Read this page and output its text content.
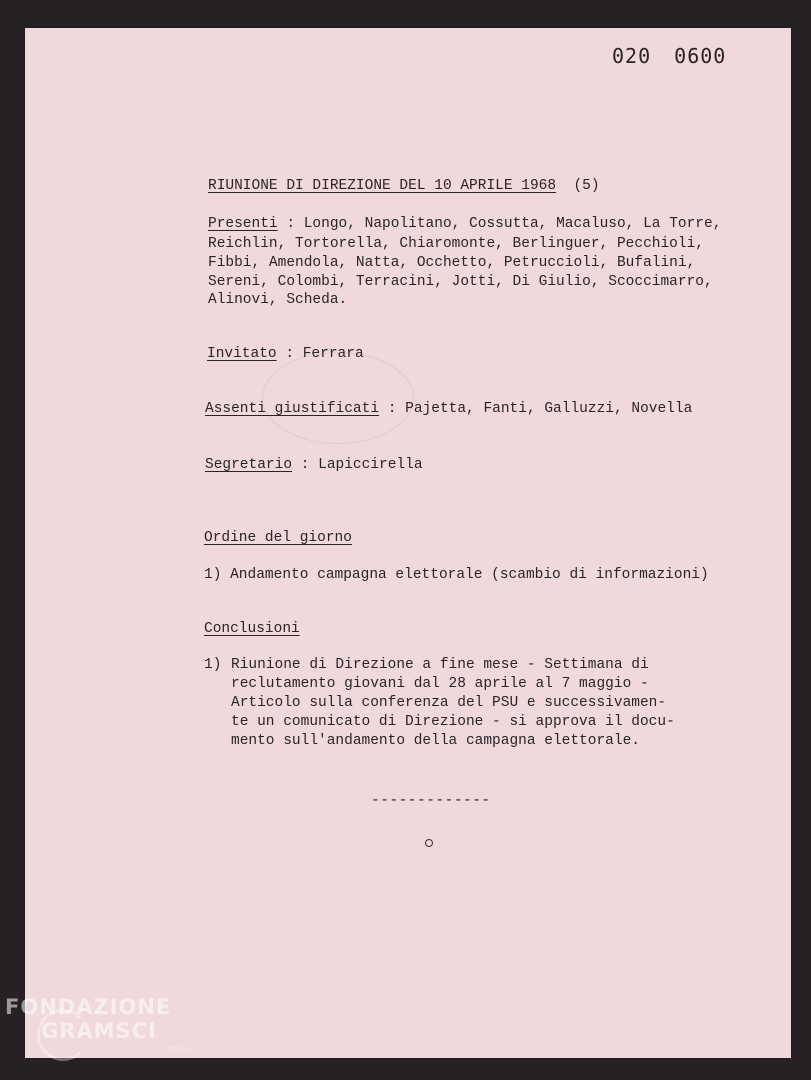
020 0600
RIUNIONE DI DIREZIONE DEL 10 APRILE 1968 (5)
Presenti : Longo, Napolitano, Cossutta, Macaluso, La Torre,
Reichlin, Tortorella, Chiaromonte, Berlinguer, Pecchioli,
Fibbi, Amendola, Natta, Occhetto, Petruccioli, Bufalini,
Sereni, Colombi, Terracini, Jotti, Di Giulio, Scoccimarro,
Alinovi, Scheda.
Invitato : Ferrara
Assenti giustificati : Pajetta, Fanti, Galluzzi, Novella
Segretario : Lapiccirella
Ordine del giorno
1) Andamento campagna elettorale (scambio di informazioni)
Conclusioni
1) Riunione di Direzione a fine mese - Settimana di
reclutamento giovani dal 28 aprile al 7 maggio -
Articolo sulla conferenza del PSU e successivamen-
te un comunicato di Direzione - si approva il docu-
mento sull'andamento della campagna elettorale.
-------------
FONDAZIONE
GRAMSCI
onlus
